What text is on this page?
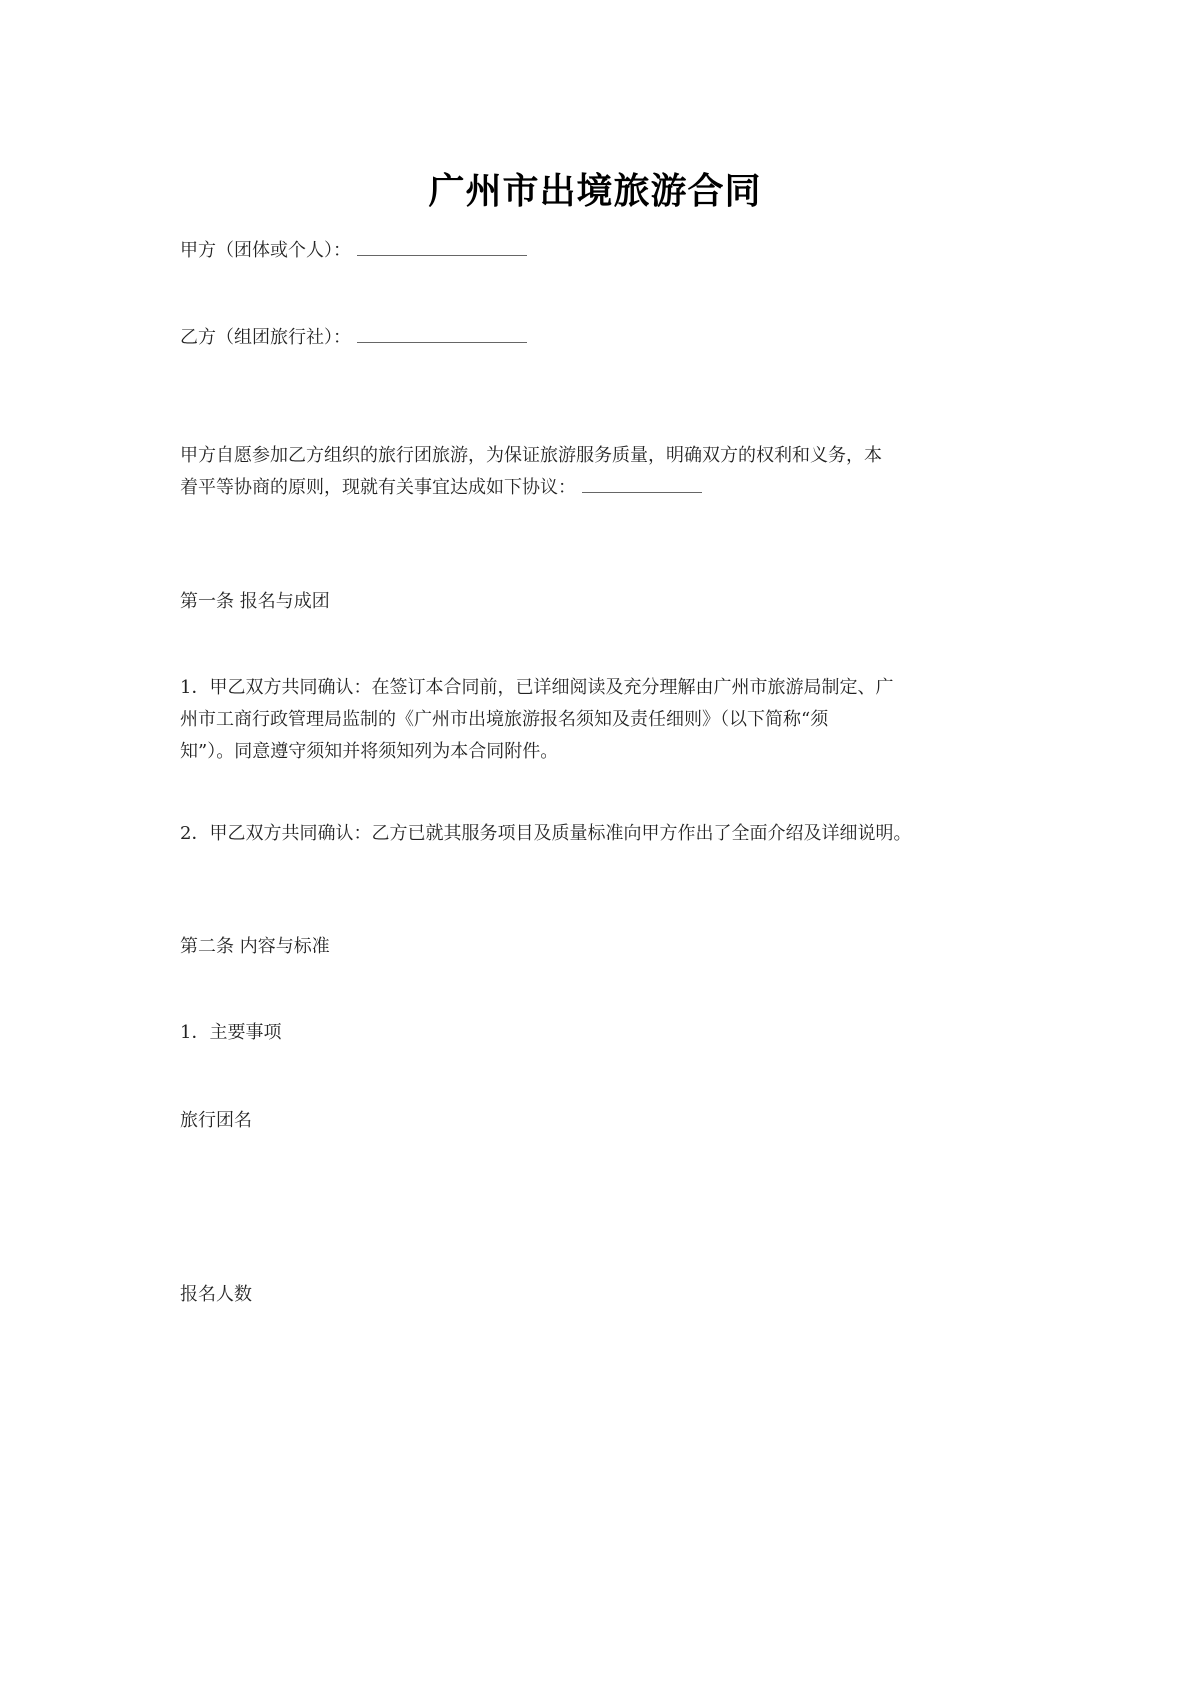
广州市出境旅游合同
甲方（团体或个人）：
乙方（组团旅行社）：
甲方自愿参加乙方组织的旅行团旅游，为保证旅游服务质量，明确双方的权利和义务，本
着平等协商的原则，现就有关事宜达成如下协议：
第一条 报名与成团
1．甲乙双方共同确认：在签订本合同前，已详细阅读及充分理解由广州市旅游局制定、广
州市工商行政管理局监制的《广州市出境旅游报名须知及责任细则》（以下简称“须
知”）。同意遵守须知并将须知列为本合同附件。
2．甲乙双方共同确认：乙方已就其服务项目及质量标准向甲方作出了全面介绍及详细说明。
第二条 内容与标准
1．主要事项
旅行团名
报名人数
